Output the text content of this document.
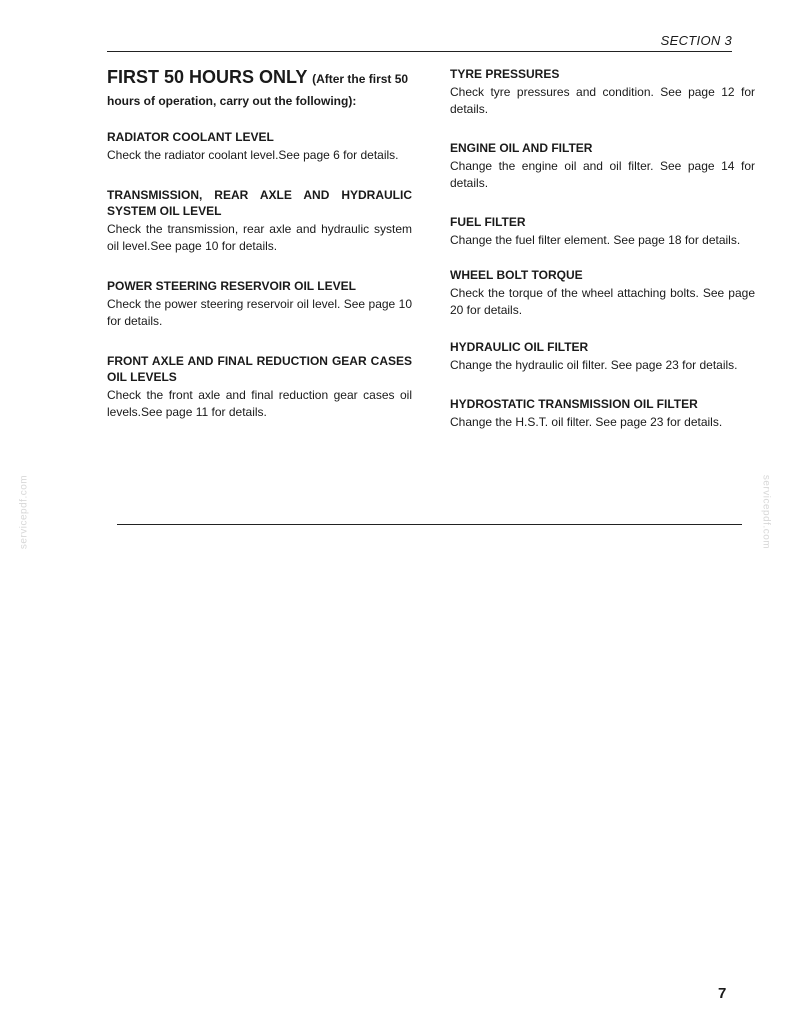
SECTION 3

FIRST 50 HOURS ONLY (After the first 50

hours of operation, carry out the following):
RADIATOR COOLANT LEVEL
Check the radiator coolant level.See page 6 for details.
TRANSMISSION, REAR AXLE AND HYDRAULIC SYSTEM OIL LEVEL
Check the transmission, rear axle and hydraulic system oil level.See page 10 for details.
POWER STEERING RESERVOIR OIL LEVEL
Check the power steering reservoir oil level. See page 10 for details.
FRONT AXLE AND FINAL REDUCTION GEAR CASES OIL LEVELS
Check the front axle and final reduction gear cases oil levels.See page 11 for details.
TYRE PRESSURES
Check tyre pressures and condition. See page 12 for details.
ENGINE OIL AND FILTER
Change the engine oil and oil filter. See page 14 for details.
FUEL FILTER
Change the fuel filter element. See page 18 for details.
WHEEL BOLT TORQUE
Check the torque of the wheel attaching bolts. See page 20 for details.
HYDRAULIC OIL FILTER
Change the hydraulic oil filter. See page 23 for details.
HYDROSTATIC TRANSMISSION OIL FILTER
Change the H.S.T. oil filter. See page 23 for details.
servicepdf.com	servicepdf.com
7
